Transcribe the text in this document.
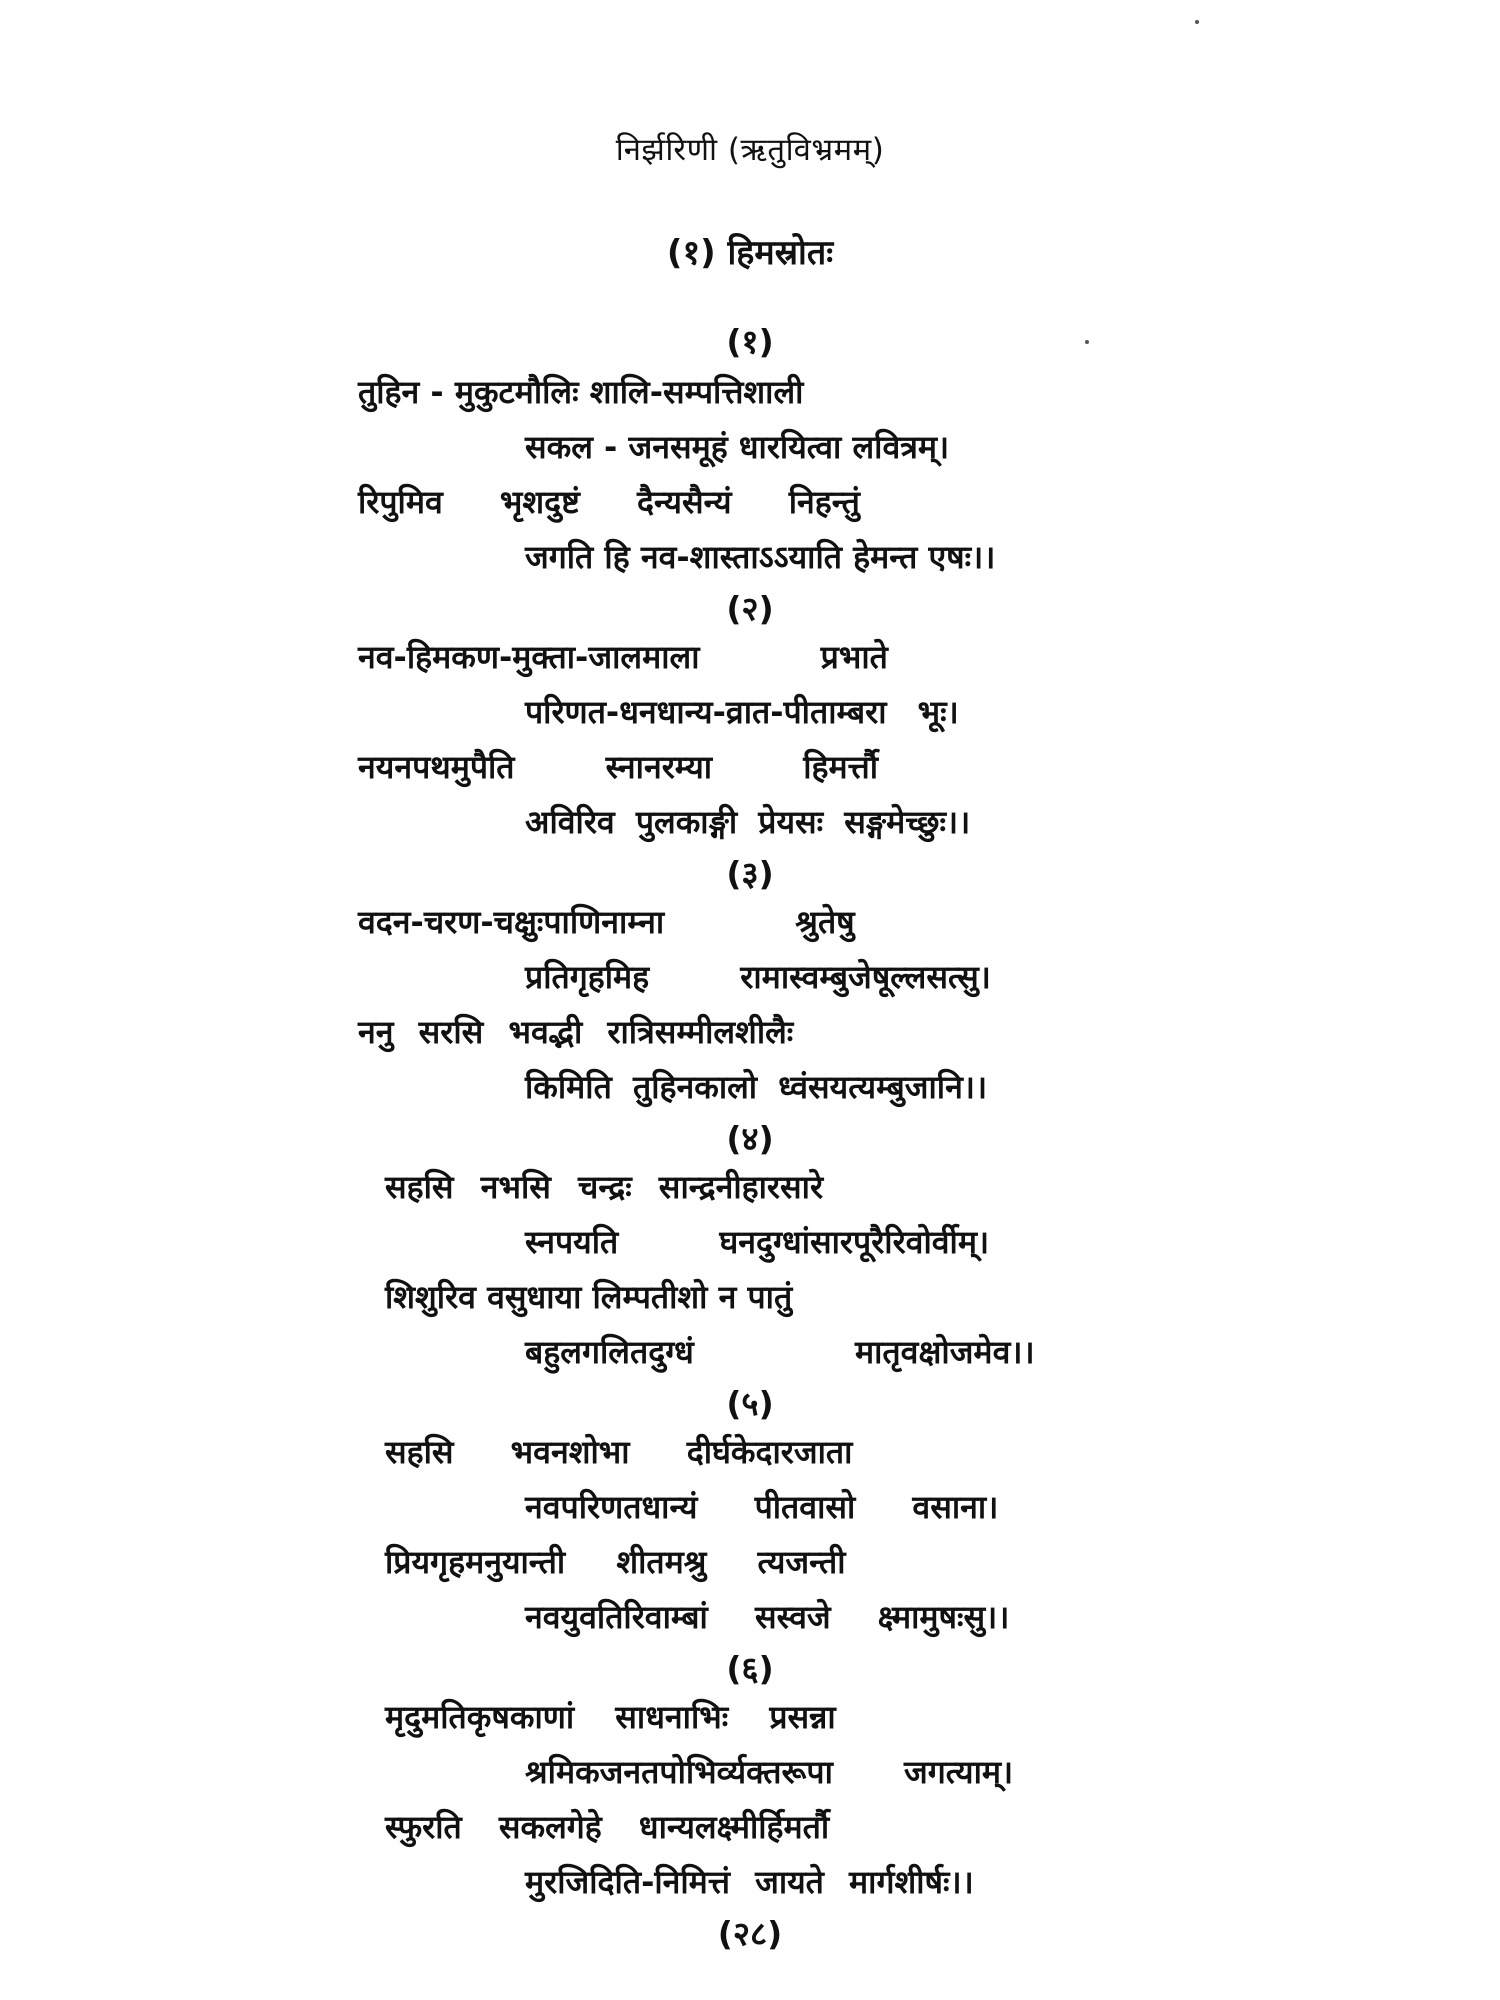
निर्झरिणी (ऋतुविभ्रमम्)
(१) हिमस्रोतः
(१)
तुहिन - मुकुटमौलिः शालि-सम्पत्तिशाली
सकल - जनसमूहं धारयित्वा लवित्रम्।
रिपुमिव भृशदुष्टं दैन्यसैन्यं निहन्तुं
जगति हि नव-शास्ताऽऽयाति हेमन्त एषः।।
(२)
नव-हिमकण-मुक्ता-जालमाला प्रभाते
परिणत-धनधान्य-व्रात-पीताम्बरा भूः।
नयनपथमुपैति स्नानरम्या हिमर्त्तौ
अविरिव पुलकाङ्गी प्रेयसः सङ्गमेच्छुः।।
(३)
वदन-चरण-चक्षुःपाणिनाम्ना श्रुतेषु
प्रतिगृहमिह रामास्वम्बुजेषूल्लसत्सु।
ननु सरसि भवद्भी रात्रिसम्मीलशीलैः
किमिति तुहिनकालो ध्वंसयत्यम्बुजानि।।
(४)
सहसि नभसि चन्द्रः सान्द्रनीहारसारे
स्नपयति घनदुग्धांसारपूरैरिवोर्वीम्।
शिशुरिव वसुधाया लिम्पतीशो न पातुं
बहुलगलितदुग्धं मातृवक्षोजमेव।।
(५)
सहसि भवनशोभा दीर्घकेदारजाता
नवपरिणतधान्यं पीतवासो वसाना।
प्रियगृहमनुयान्ती शीतमश्रु त्यजन्ती
नवयुवतिरिवाम्बां सस्वजे क्ष्मामुषःसु।।
(६)
मृदुमतिकृषकाणां साधनाभिः प्रसन्ना
श्रमिकजनतपोभिर्व्यक्तरूपा जगत्याम्।
स्फुरति सकलगेहे धान्यलक्ष्मीर्हिमर्तौ
मुरजिदिति-निमित्तं जायते मार्गशीर्षः।।
(२८)
